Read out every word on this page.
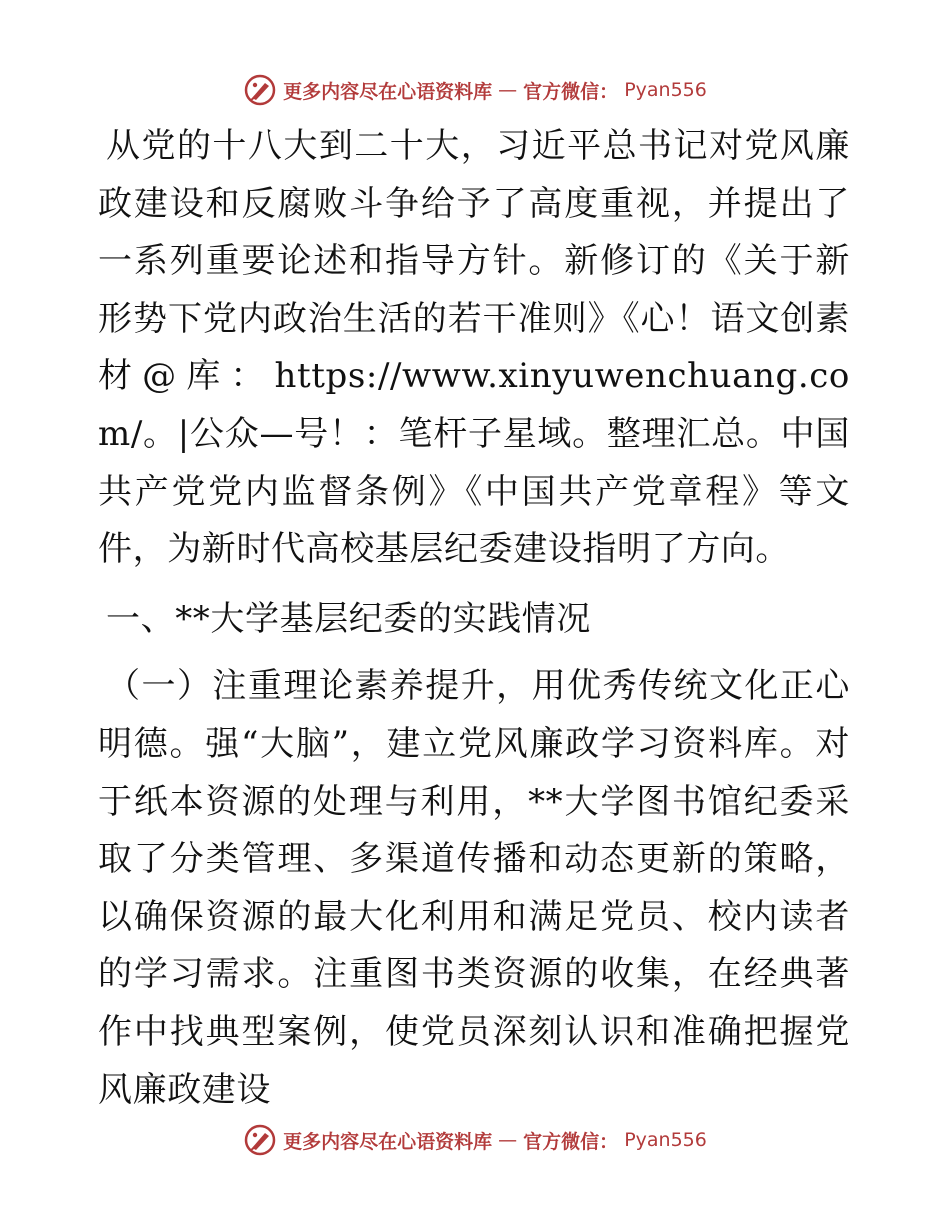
更多内容尽在心语资料库 — 官方微信： Pyan556

从党的十八大到二十大，习近平总书记对党风廉政建设和反腐败斗争给予了高度重视，并提出了一系列重要论述和指导方针。新修订的《关于新形势下党内政治生活的若干准则》《心！语文创素材@库：https://www.xinyuwenchuang.com/。|公众—号！：笔杆子星域。整理汇总。中国共产党党内监督条例》《中国共产党章程》等文件，为新时代高校基层纪委建设指明了方向。

一、**大学基层纪委的实践情况

（一）注重理论素养提升，用优秀传统文化正心明德。强“大脑”，建立党风廉政学习资料库。对于纸本资源的处理与利用，**大学图书馆纪委采取了分类管理、多渠道传播和动态更新的策略，以确保资源的最大化利用和满足党员、校内读者的学习需求。注重图书类资源的收集，在经典著作中找典型案例，使党员深刻认识和准确把握党风廉政建设

更多内容尽在心语资料库 — 官方微信： Pyan556
